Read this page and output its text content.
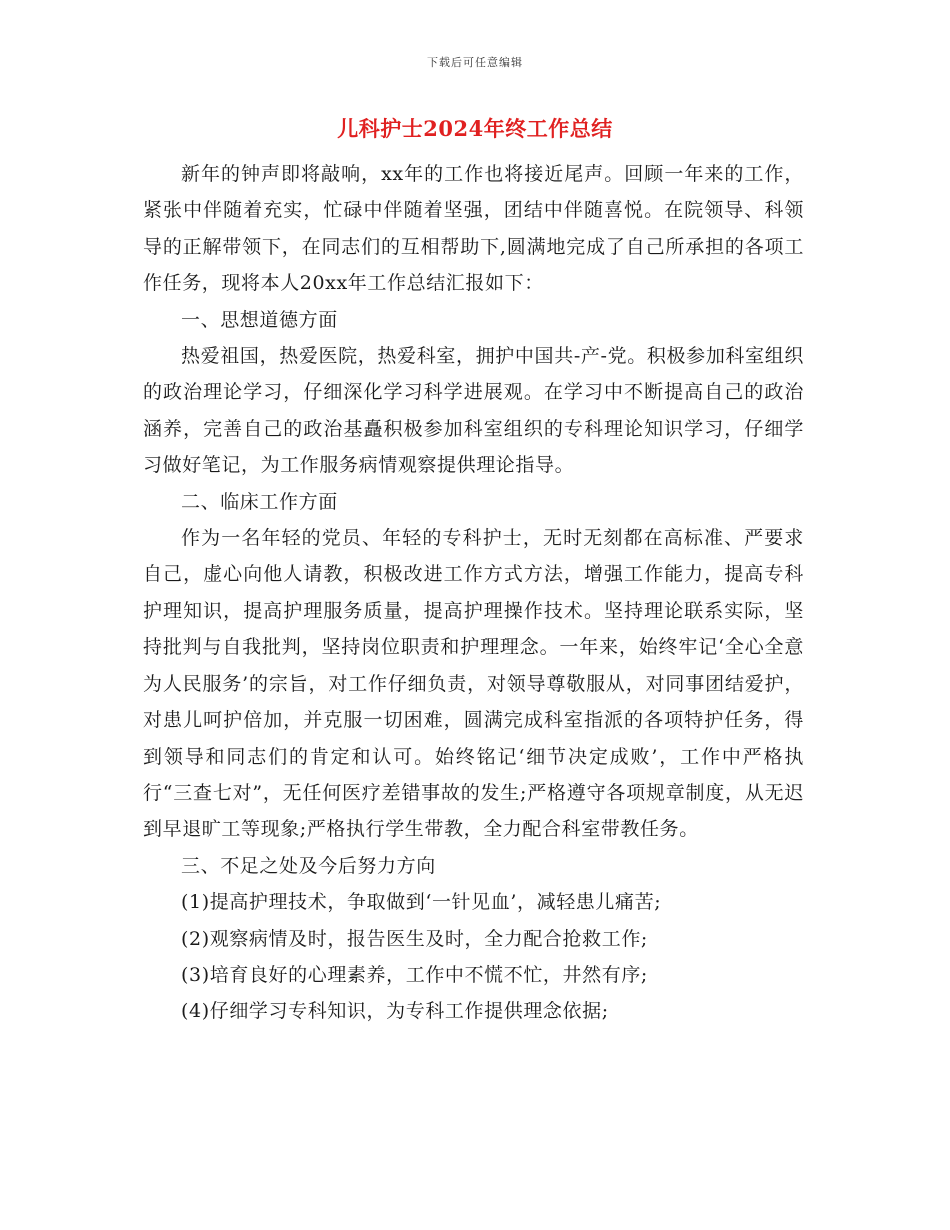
下载后可任意编辑
儿科护士2024年终工作总结

新年的钟声即将敲响，xx年的工作也将接近尾声。回顾一年来的工作，紧张中伴随着充实，忙碌中伴随着坚强，团结中伴随喜悦。在院领导、科领导的正解带领下，在同志们的互相帮助下,圆满地完成了自己所承担的各项工作任务，现将本人20xx年工作总结汇报如下：

一、思想道德方面

热爱祖国，热爱医院，热爱科室，拥护中国共-产-党。积极参加科室组织的政治理论学习，仔细深化学习科学进展观。在学习中不断提高自己的政治涵养，完善自己的政治基矗积极参加科室组织的专科理论知识学习，仔细学习做好笔记，为工作服务病情观察提供理论指导。

二、临床工作方面

作为一名年轻的党员、年轻的专科护士，无时无刻都在高标准、严要求自己，虚心向他人请教，积极改进工作方式方法，增强工作能力，提高专科护理知识，提高护理服务质量，提高护理操作技术。坚持理论联系实际，坚持批判与自我批判，坚持岗位职责和护理理念。一年来，始终牢记‘全心全意为人民服务’的宗旨，对工作仔细负责，对领导尊敬服从，对同事团结爱护，对患儿呵护倍加，并克服一切困难，圆满完成科室指派的各项特护任务，得到领导和同志们的肯定和认可。始终铭记‘细节决定成败’，工作中严格执行“三查七对”，无任何医疗差错事故的发生;严格遵守各项规章制度，从无迟到早退旷工等现象;严格执行学生带教，全力配合科室带教任务。

三、不足之处及今后努力方向

(1)提高护理技术，争取做到‘一针见血’，减轻患儿痛苦;

(2)观察病情及时，报告医生及时，全力配合抢救工作;

(3)培育良好的心理素养，工作中不慌不忙，井然有序;

(4)仔细学习专科知识，为专科工作提供理念依据;
